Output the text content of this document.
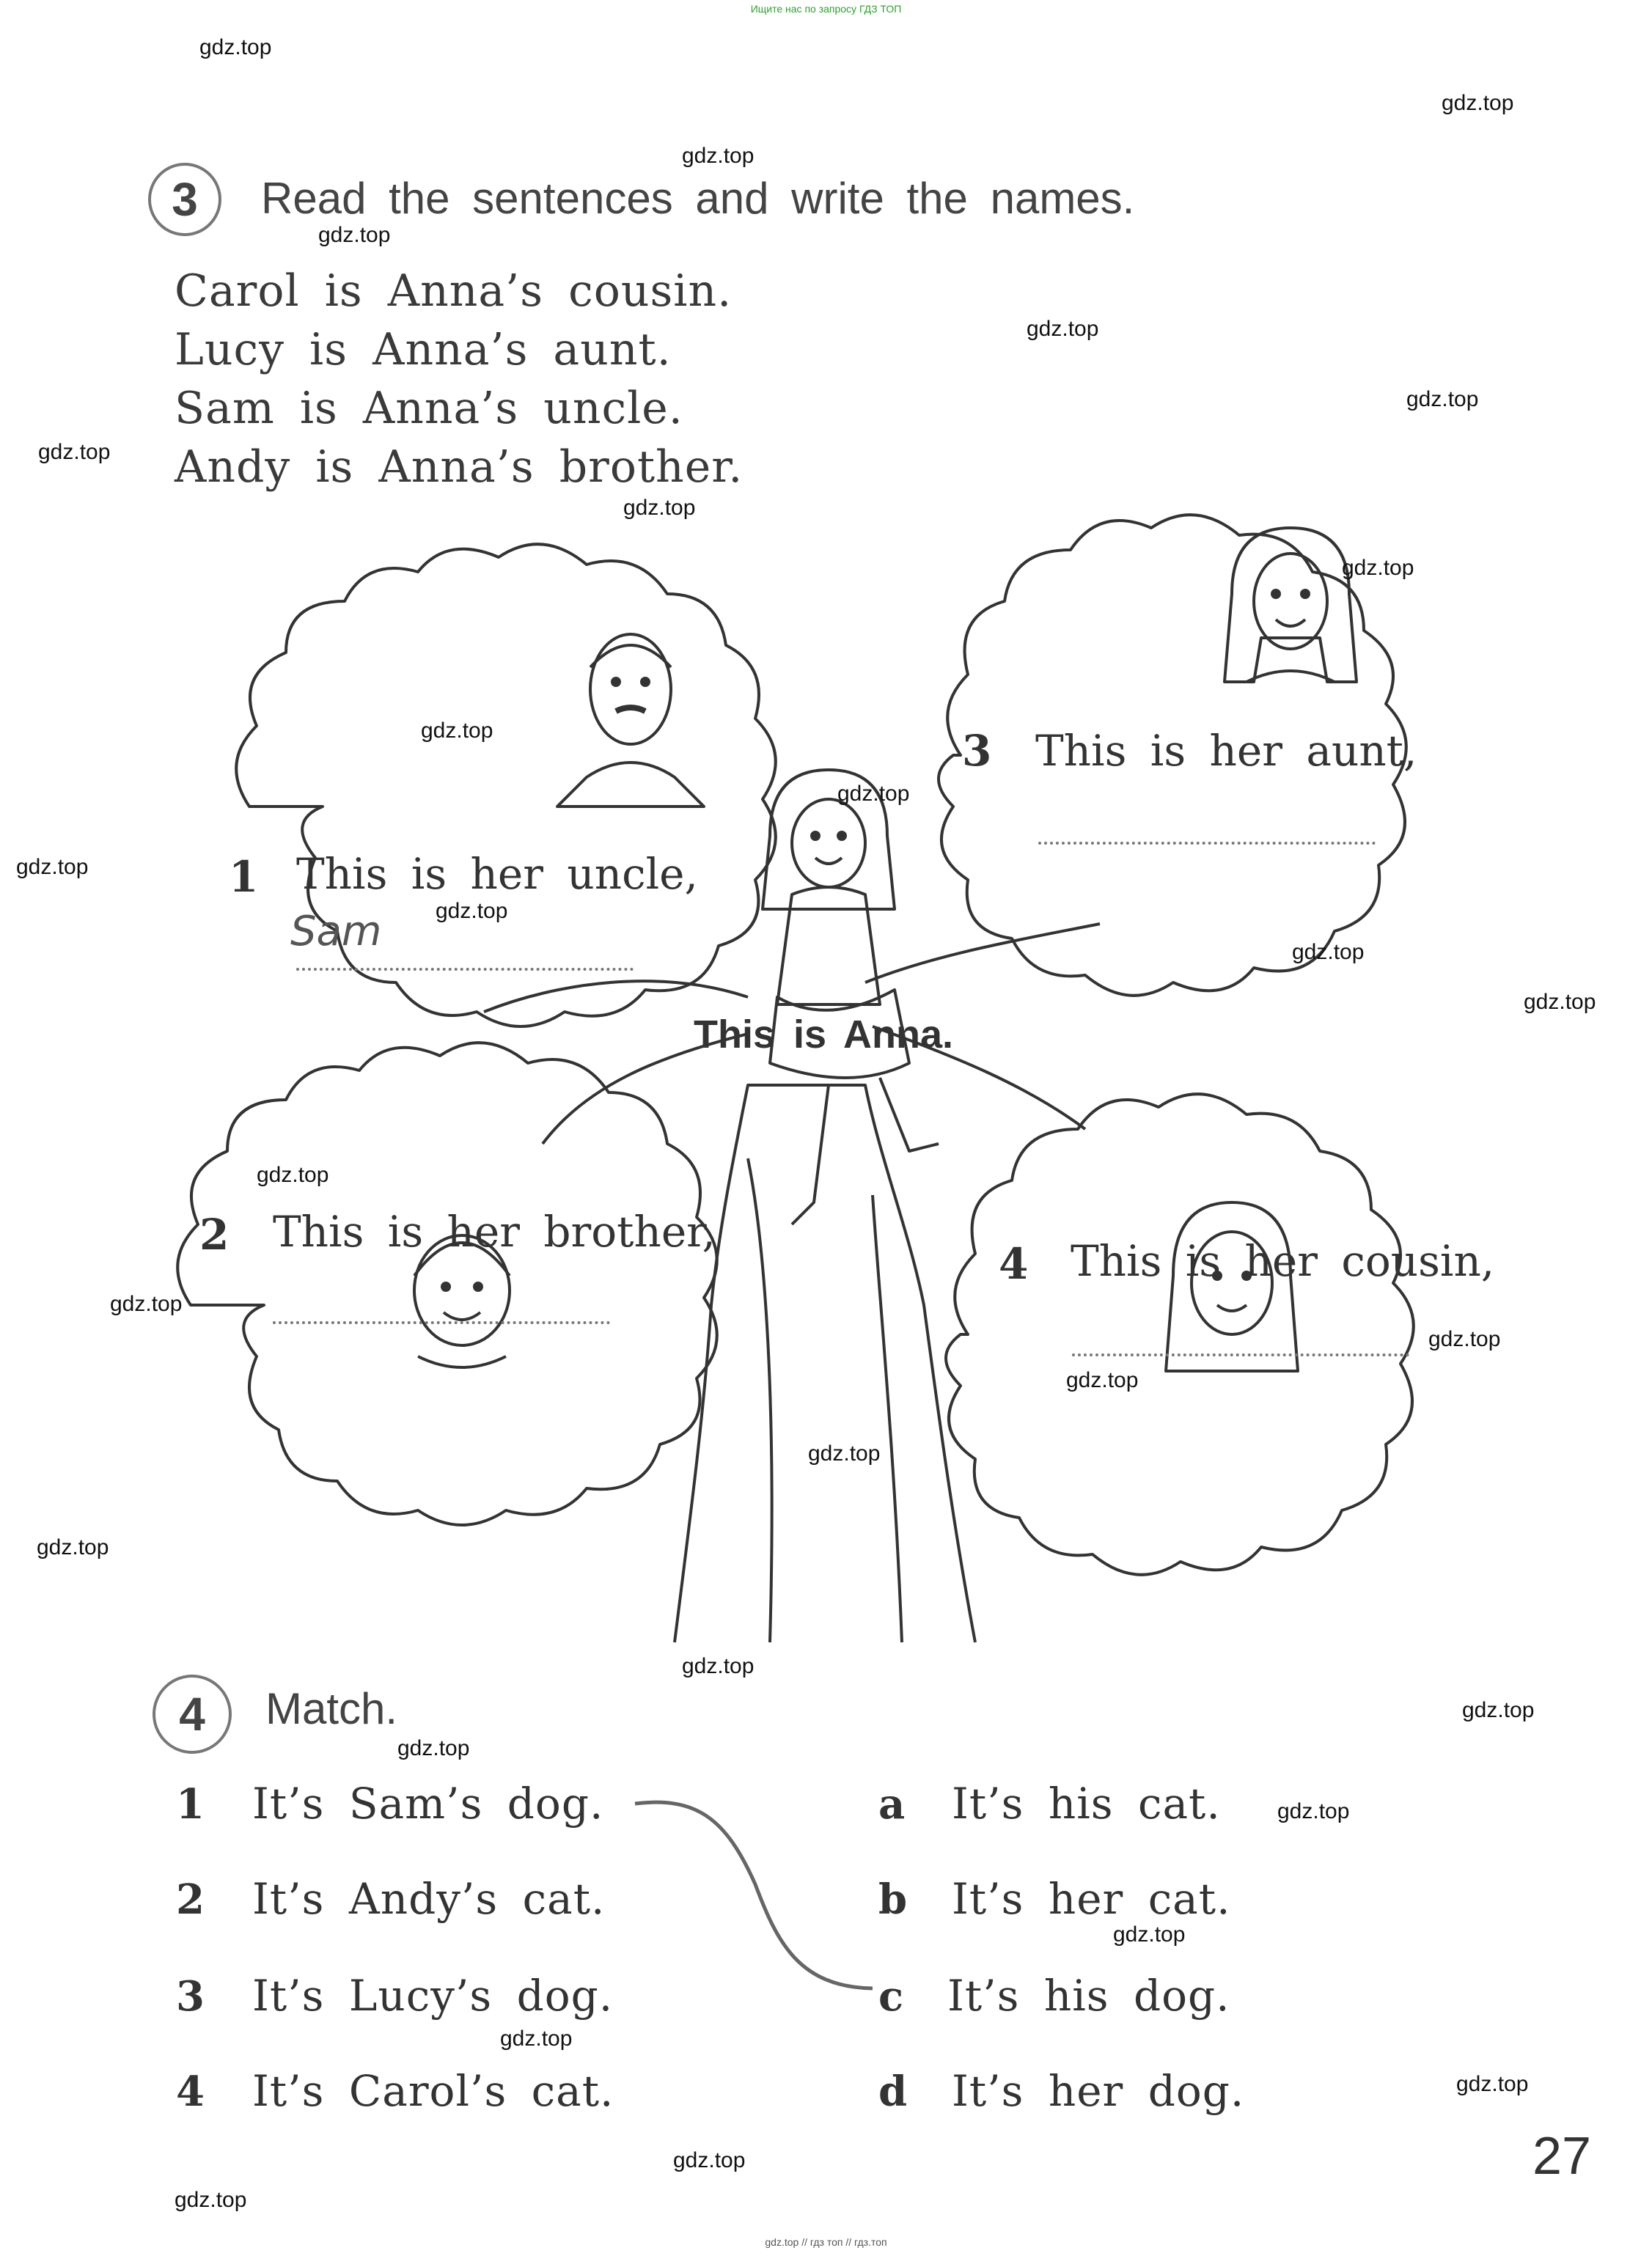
Ищите нас по запросу ГДЗ ТОП
gdz.top // гдз топ // гдз.топ
3	Read the sentences and write the names.
Carol is Anna’s cousin.
Lucy is Anna’s aunt.
Sam is Anna’s uncle.
Andy is Anna’s brother.
1 This is her uncle,
Sam
3 This is her aunt,
This is Anna.
2 This is her brother,
4 This is her cousin,
4	Match.
1 It’s Sam’s dog.
2 It’s Andy’s cat.
3 It’s Lucy’s dog.
4 It’s Carol’s cat.
a It’s his cat.
b It’s her cat.
c It’s his dog.
d It’s her dog.
27
gdz.top
gdz.top
gdz.top
gdz.top
gdz.top
gdz.top
gdz.top
gdz.top
gdz.top
gdz.top
gdz.top
gdz.top
gdz.top
gdz.top
gdz.top
gdz.top
gdz.top
gdz.top
gdz.top
gdz.top
gdz.top
gdz.top
gdz.top
gdz.top
gdz.top
gdz.top
gdz.top
gdz.top
gdz.top
gdz.top
